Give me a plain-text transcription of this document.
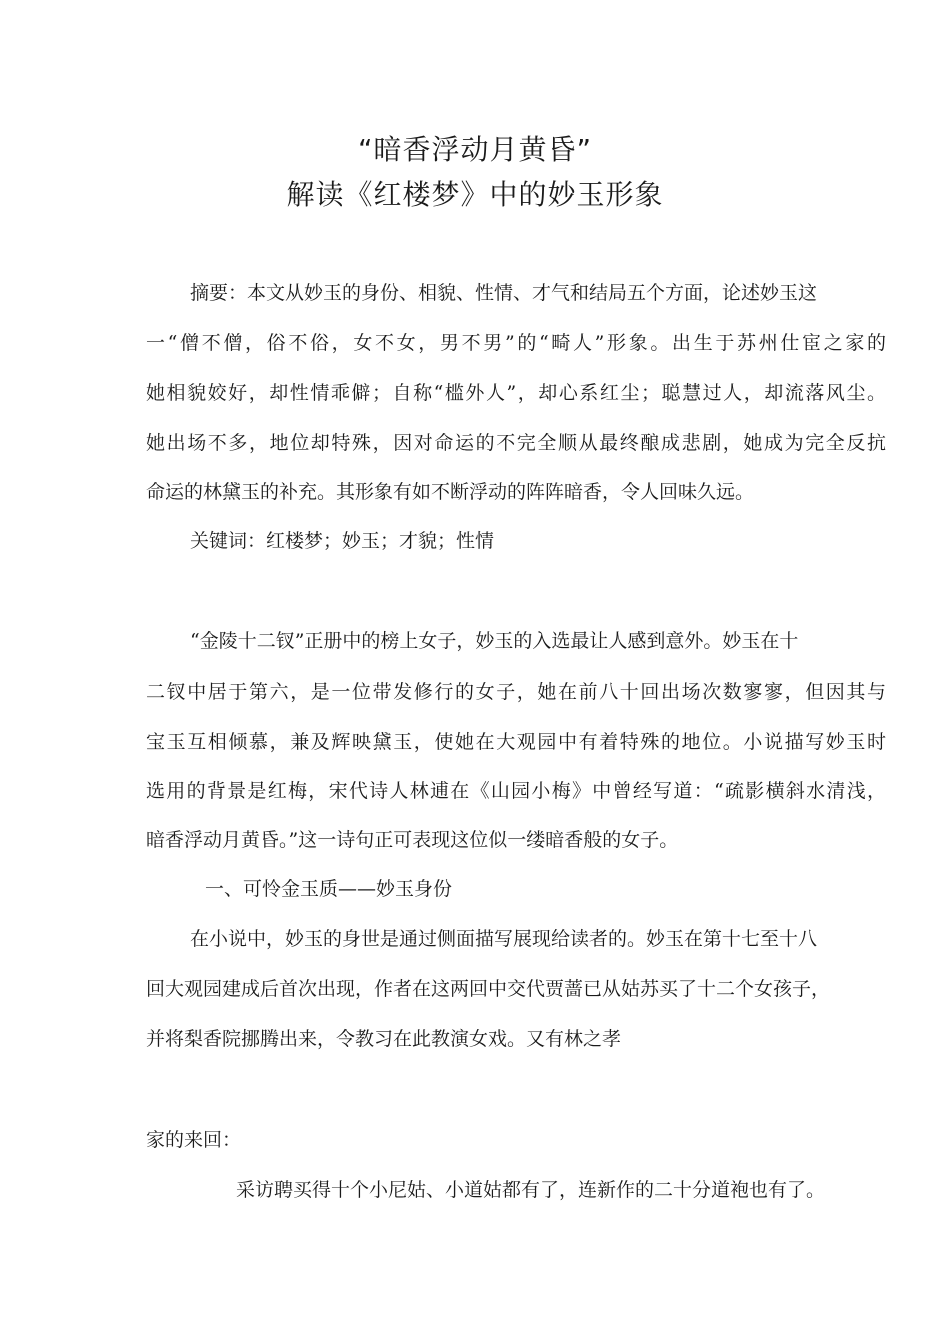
“暗香浮动月黄昏”
解读《红楼梦》中的妙玉形象
摘要：本文从妙玉的身份、相貌、性情、才气和结局五个方面，论述妙玉这
一“僧不僧，俗不俗，女不女，男不男”的“畸人”形象。出生于苏州仕宦之家的
她相貌姣好，却性情乖僻；自称“槛外人”，却心系红尘；聪慧过人，却流落风尘。
她出场不多，地位却特殊，因对命运的不完全顺从最终酿成悲剧，她成为完全反抗
命运的林黛玉的补充。其形象有如不断浮动的阵阵暗香，令人回味久远。
关键词：红楼梦；妙玉；才貌；性情
“金陵十二钗”正册中的榜上女子，妙玉的入选最让人感到意外。妙玉在十
二钗中居于第六，是一位带发修行的女子，她在前八十回出场次数寥寥，但因其与
宝玉互相倾慕，兼及辉映黛玉，使她在大观园中有着特殊的地位。小说描写妙玉时
选用的背景是红梅，宋代诗人林逋在《山园小梅》中曾经写道：“疏影横斜水清浅，
暗香浮动月黄昏。”这一诗句正可表现这位似一缕暗香般的女子。
一、可怜金玉质——妙玉身份
在小说中，妙玉的身世是通过侧面描写展现给读者的。妙玉在第十七至十八
回大观园建成后首次出现，作者在这两回中交代贾蔷已从姑苏买了十二个女孩子，
并将梨香院挪腾出来，令教习在此教演女戏。又有林之孝
家的来回：
采访聘买得十个小尼姑、小道姑都有了，连新作的二十分道袍也有了。
